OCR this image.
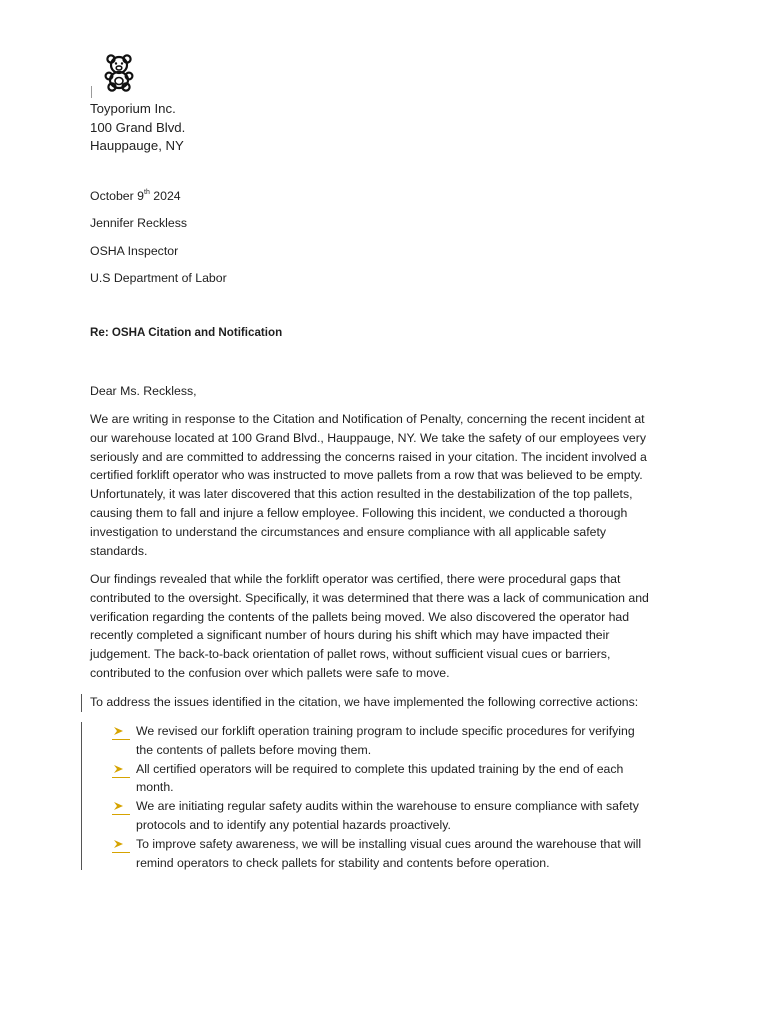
Toyporium Inc.
100 Grand Blvd.
Hauppauge, NY
October 9th 2024
Jennifer Reckless
OSHA Inspector
U.S Department of Labor
Re: OSHA Citation and Notification
Dear Ms. Reckless,
We are writing in response to the Citation and Notification of Penalty, concerning the recent incident at
our warehouse located at 100 Grand Blvd., Hauppauge, NY. We take the safety of our employees very
seriously and are committed to addressing the concerns raised in your citation. The incident involved a
certified forklift operator who was instructed to move pallets from a row that was believed to be empty.
Unfortunately, it was later discovered that this action resulted in the destabilization of the top pallets,
causing them to fall and injure a fellow employee. Following this incident, we conducted a thorough
investigation to understand the circumstances and ensure compliance with all applicable safety
standards.
Our findings revealed that while the forklift operator was certified, there were procedural gaps that
contributed to the oversight. Specifically, it was determined that there was a lack of communication and
verification regarding the contents of the pallets being moved. We also discovered the operator had
recently completed a significant number of hours during his shift which may have impacted their
judgement. The back-to-back orientation of pallet rows, without sufficient visual cues or barriers,
contributed to the confusion over which pallets were safe to move.
To address the issues identified in the citation, we have implemented the following corrective actions:
We revised our forklift operation training program to include specific procedures for verifying
the contents of pallets before moving them.
All certified operators will be required to complete this updated training by the end of each
month.
We are initiating regular safety audits within the warehouse to ensure compliance with safety
protocols and to identify any potential hazards proactively.
To improve safety awareness, we will be installing visual cues around the warehouse that will
remind operators to check pallets for stability and contents before operation.
